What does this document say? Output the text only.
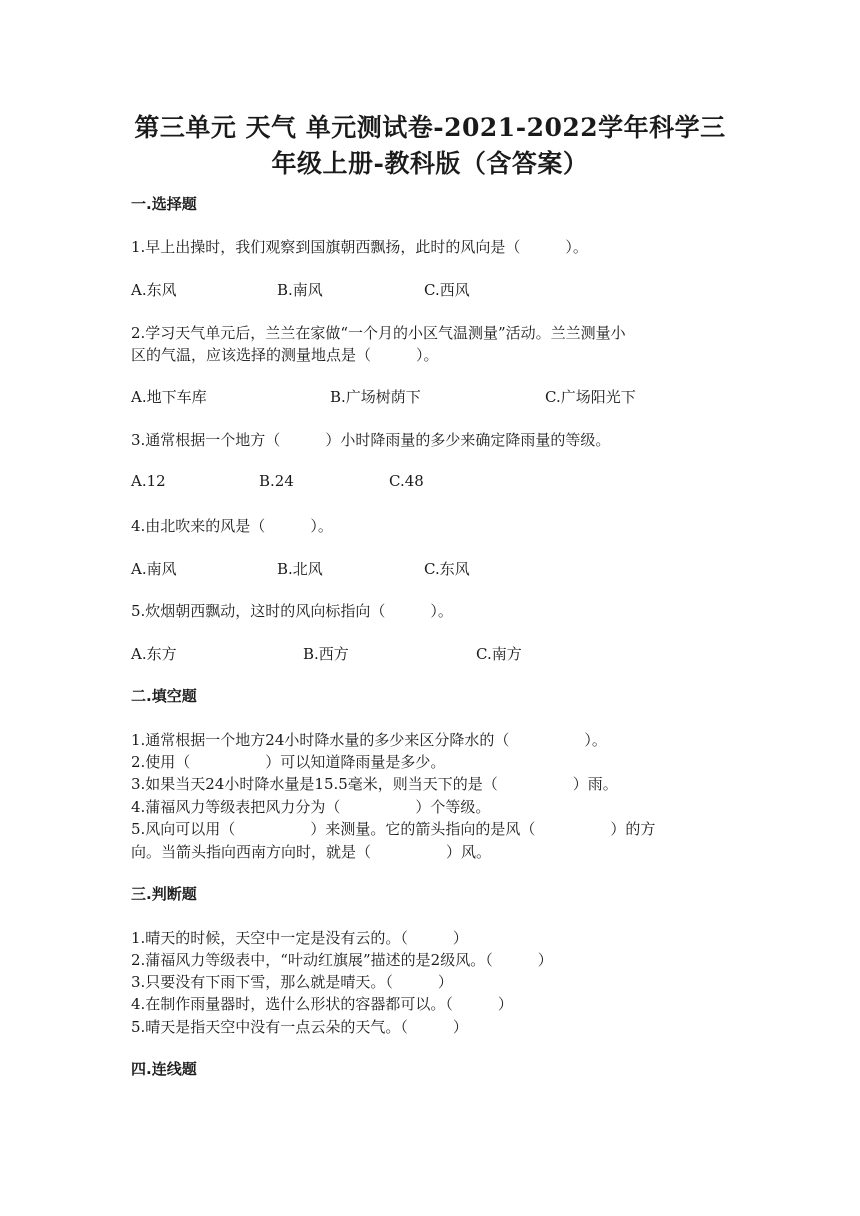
第三单元 天气 单元测试卷-2021-2022学年科学三
年级上册-教科版（含答案）
一.选择题
1.早上出操时，我们观察到国旗朝西飘扬，此时的风向是（　　　）。
A.东风	B.南风	C.西风
2.学习天气单元后，兰兰在家做“一个月的小区气温测量”活动。兰兰测量小
区的气温，应该选择的测量地点是（　　　）。
A.地下车库	B.广场树荫下	C.广场阳光下
3.通常根据一个地方（　　　）小时降雨量的多少来确定降雨量的等级。
A.12	B.24	C.48
4.由北吹来的风是（　　　）。
A.南风	B.北风	C.东风
5.炊烟朝西飘动，这时的风向标指向（　　　）。
A.东方	B.西方	C.南方
二.填空题
1.通常根据一个地方24小时降水量的多少来区分降水的（　　　　　）。
2.使用（　　　　　）可以知道降雨量是多少。
3.如果当天24小时降水量是15.5毫米，则当天下的是（　　　　　）雨。
4.蒲福风力等级表把风力分为（　　　　　）个等级。
5.风向可以用（　　　　　）来测量。它的箭头指向的是风（　　　　　）的方
向。当箭头指向西南方向时，就是（　　　　　）风。
三.判断题
1.晴天的时候，天空中一定是没有云的。（　　　）
2.蒲福风力等级表中，“叶动红旗展”描述的是2级风。（　　　）
3.只要没有下雨下雪，那么就是晴天。（　　　）
4.在制作雨量器时，选什么形状的容器都可以。（　　　）
5.晴天是指天空中没有一点云朵的天气。（　　　）
四.连线题
